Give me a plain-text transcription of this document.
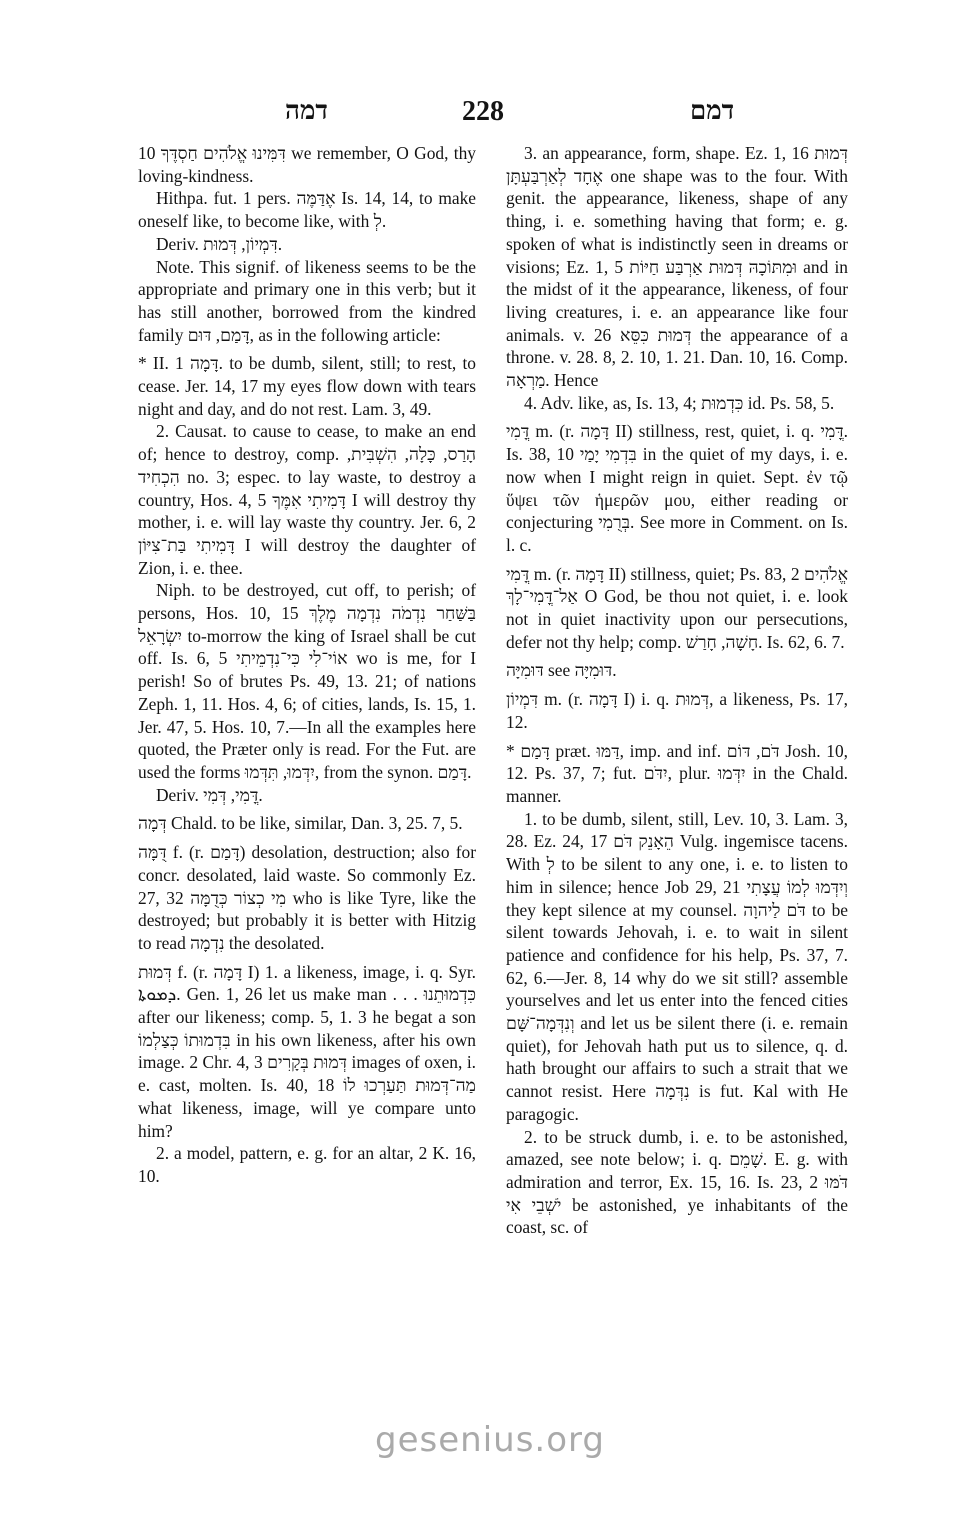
דמה	228	דמם

10 דִּמִּינוּ אֱלֹהִים חַסְדֶּךָ we remember, O God, thy loving-kindness.

Hithpa. fut. 1 pers. אֶדַּמֶּה Is. 14, 14, to make oneself like, to become like, with לְ.

Deriv. דִּמְיוֹן, דְּמוּת.

Note. This signif. of likeness seems to be the appropriate and primary one in this verb; but it has still another, borrowed from the kindred family דָּמַם, דּוּם, as in the following article:

* II. דָּמָה 1. to be dumb, silent, still; to rest, to cease. Jer. 14, 17 my eyes flow down with tears night and day, and do not rest. Lam. 3, 49.

2. Causat. to cause to cease, to make an end of; hence to destroy, comp. הָרַס, כָּלָה, הִשְׁבִּית, הִכְחִיד no. 3; espec. to lay waste, to destroy a country, Hos. 4, 5 דָּמִיתִי אִמֶּךָ I will destroy thy mother, i. e. will lay waste thy country. Jer. 6, 2 דָּמִיתִי בַּת־צִיּוֹן I will destroy the daughter of Zion, i. e. thee.

Niph. to be destroyed, cut off, to perish; of persons, Hos. 10, 15 בַּשַּׁחַר נִדְמֹה נִדְמָה מֶלֶךְ יִשְׂרָאֵל to-morrow the king of Israel shall be cut off. Is. 6, 5 אוֹי־לִי כִּי־נִדְמֵיתִי wo is me, for I perish! So of brutes Ps. 49, 13. 21; of nations Zeph. 1, 11. Hos. 4, 6; of cities, lands, Is. 15, 1. Jer. 47, 5. Hos. 10, 7.—In all the examples here quoted, the Præter only is read. For the Fut. are used the forms יִדְּמוּ, תִּדְּמוּ, from the synon. דָּמַם.

Deriv. דֳּמִי, דְּמִי.

דְּמָה Chald. to be like, similar, Dan. 3, 25. 7, 5.

דֻּמָּה f. (r. דָּמַם) desolation, destruction; also for concr. desolated, laid waste. So commonly Ez. 27, 32 מִי כְצוֹר כְּדֻמָּה who is like Tyre, like the destroyed; but probably it is better with Hitzig to read נִדְמָה the desolated.

דְּמוּת f. (r. דָּמָה I) 1. a likeness, image, i. q. Syr. ܕܡܘܬܐ. Gen. 1, 26 let us make man . . . כִּדְמוּתֵנוּ after our likeness; comp. 5, 1. 3 he begat a son בִּדְמוּתוֹ כְּצַלְמוֹ in his own likeness, after his own image. 2 Chr. 4, 3 דְּמוּת בְּקָרִים images of oxen, i. e. cast, molten. Is. 40, 18 מַה־דְּמוּת תַּעַרְכוּ לוֹ what likeness, image, will ye compare unto him?

2. a model, pattern, e. g. for an altar, 2 K. 16, 10.

3. an appearance, form, shape. Ez. 1, 16 דְּמוּת אֶחָד לְאַרְבַּעְתָּן one shape was to the four. With genit. the appearance, likeness, shape of any thing, i. e. something having that form; e. g. spoken of what is indistinctly seen in dreams or visions; Ez. 1, 5 וּמִתּוֹכָהּ דְּמוּת אַרְבַּע חַיּוֹת and in the midst of it the appearance, likeness, of four living creatures, i. e. an appearance like four animals. v. 26 דְּמוּת כִּסֵּא the appearance of a throne. v. 28. 8, 2. 10, 1. 21. Dan. 10, 16. Comp. מַרְאָה. Hence

4. Adv. like, as, Is. 13, 4; כִּדְמוּת id. Ps. 58, 5.

דֳּמִי m. (r. דָּמָה II) stillness, rest, quiet, i. q. דֳּמִי. Is. 38, 10 בִּדְמִי יָמַי in the quiet of my days, i. e. now when I might reign in quiet. Sept. ἐν τῷ ὕψει τῶν ἡμερῶν μου, either reading or conjecturing בְּרֻמִי. See more in Comment. on Is. l. c.

דֳּמִי m. (r. דָּמָה II) stillness, quiet; Ps. 83, 2 אֱלֹהִים אַל־דֳּמִי־לָךְ O God, be thou not quiet, i. e. look not in quiet inactivity upon our persecutions, defer not thy help; comp. חָשָׁה, חָרַשׁ. Is. 62, 6. 7.

דּוּמִיָּה see דּוּמִיָּה.

דִּמְיוֹן m. (r. דָּמָה I) i. q. דְּמוּת, a likeness, Ps. 17, 12.

* דָּמַם præt. דַּמּוּ, imp. and inf. דֹּם, דּוֹם Josh. 10, 12. Ps. 37, 7; fut. יִדֹּם, plur. יִדְּמוּ in the Chald. manner.

1. to be dumb, silent, still, Lev. 10, 3. Lam. 3, 28. Ez. 24, 17 הֵאָנֵק דֹּם Vulg. ingemisce tacens. With לְ to be silent to any one, i. e. to listen to him in silence; hence Job 29, 21 וְיִדְּמוּ לְמוֹ עֲצָתִי they kept silence at my counsel. דֹּם לַיהוָה to be silent towards Jehovah, i. e. to wait in silent patience and confidence for his help, Ps. 37, 7. 62, 6.—Jer. 8, 14 why do we sit still? assemble yourselves and let us enter into the fenced cities וְנִדְּמָה־שָּׁם and let us be silent there (i. e. remain quiet), for Jehovah hath put us to silence, q. d. hath brought our affairs to such a strait that we cannot resist. Here נִדְּמָה is fut. Kal with He paragogic.

2. to be struck dumb, i. e. to be astonished, amazed, see note below; i. q. שָׁמֵם. E. g. with admiration and terror, Ex. 15, 16. Is. 23, 2 דֹּמּוּ יֹשְׁבֵי אִי be astonished, ye inhabitants of the coast, sc. of

gesenius.org
